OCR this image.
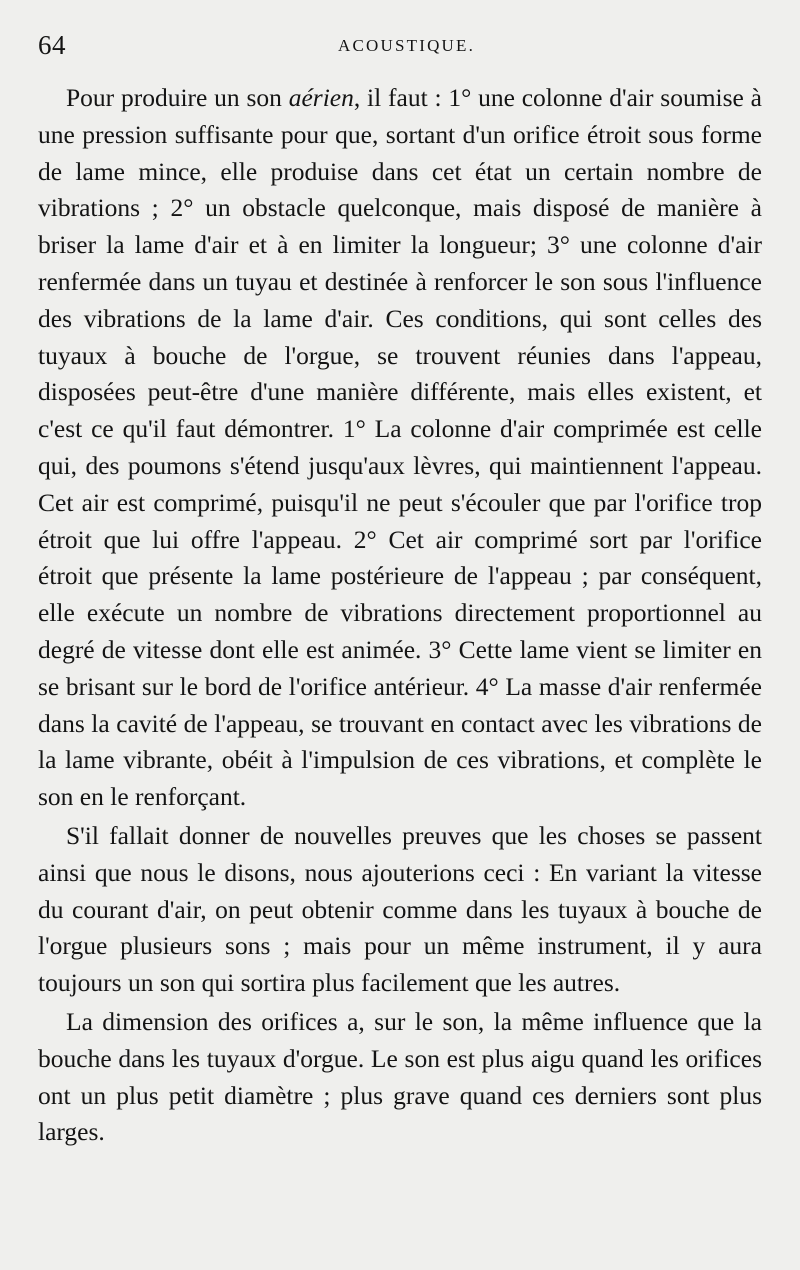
64	ACOUSTIQUE.

Pour produire un son aérien, il faut : 1° une colonne d'air soumise à une pression suffisante pour que, sortant d'un orifice étroit sous forme de lame mince, elle produise dans cet état un certain nombre de vibrations ; 2° un obstacle quelconque, mais disposé de manière à briser la lame d'air et à en limiter la longueur; 3° une colonne d'air renfermée dans un tuyau et destinée à renforcer le son sous l'influence des vibrations de la lame d'air. Ces conditions, qui sont celles des tuyaux à bouche de l'orgue, se trouvent réunies dans l'appeau, disposées peut-être d'une manière différente, mais elles existent, et c'est ce qu'il faut démontrer. 1° La colonne d'air comprimée est celle qui, des poumons s'étend jusqu'aux lèvres, qui maintiennent l'appeau. Cet air est comprimé, puisqu'il ne peut s'écouler que par l'orifice trop étroit que lui offre l'appeau. 2° Cet air comprimé sort par l'orifice étroit que présente la lame postérieure de l'appeau ; par conséquent, elle exécute un nombre de vibrations directement proportionnel au degré de vitesse dont elle est animée. 3° Cette lame vient se limiter en se brisant sur le bord de l'orifice antérieur. 4° La masse d'air renfermée dans la cavité de l'appeau, se trouvant en contact avec les vibrations de la lame vibrante, obéit à l'impulsion de ces vibrations, et complète le son en le renforçant.

S'il fallait donner de nouvelles preuves que les choses se passent ainsi que nous le disons, nous ajouterions ceci : En variant la vitesse du courant d'air, on peut obtenir comme dans les tuyaux à bouche de l'orgue plusieurs sons ; mais pour un même instrument, il y aura toujours un son qui sortira plus facilement que les autres.

La dimension des orifices a, sur le son, la même influence que la bouche dans les tuyaux d'orgue. Le son est plus aigu quand les orifices ont un plus petit diamètre ; plus grave quand ces derniers sont plus larges.
